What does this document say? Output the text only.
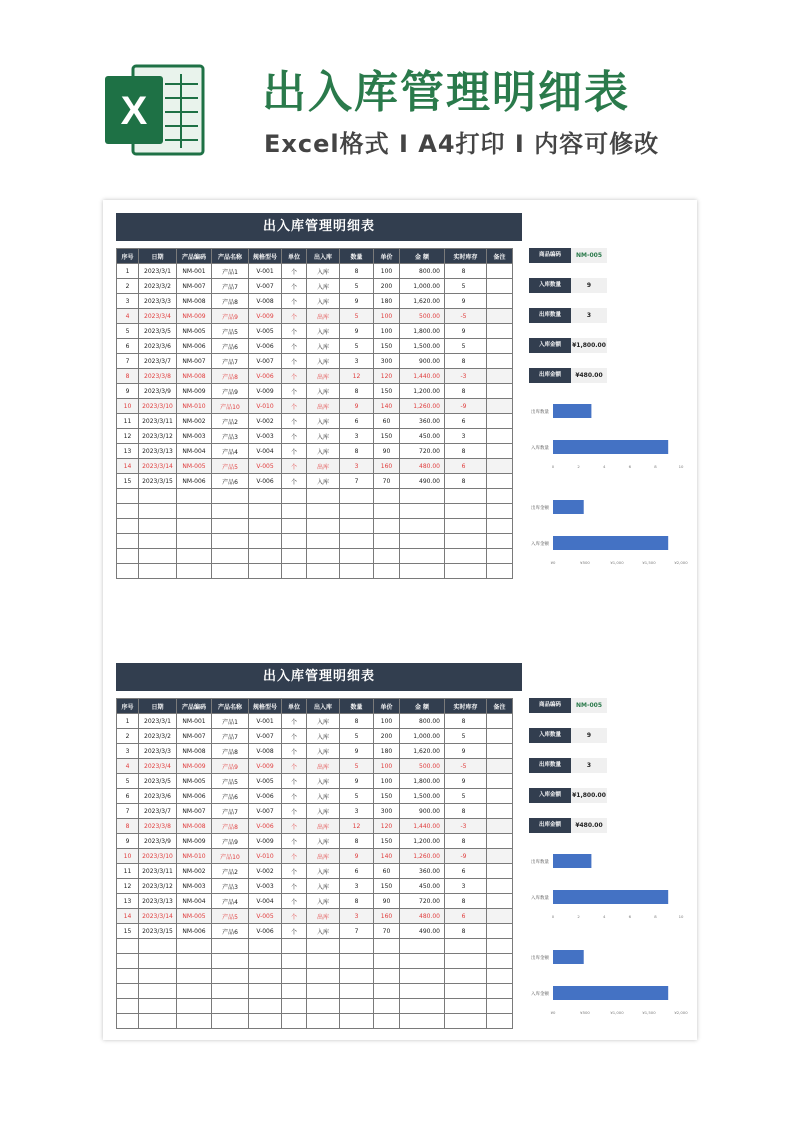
X	出入库管理明细表
Excel格式 I A4打印 I 内容可修改
出入库管理明细表
序号	日期	产品编码	产品名称	规格型号	单位	出入库	数量	单价	金 额	实时库存	备注
1	2023/3/1	NM-001	产品1	V-001	个	入库	8	100	800.00	8	
2	2023/3/2	NM-007	产品7	V-007	个	入库	5	200	1,000.00	5	
3	2023/3/3	NM-008	产品8	V-008	个	入库	9	180	1,620.00	9	
4	2023/3/4	NM-009	产品9	V-009	个	出库	5	100	500.00	-5	
5	2023/3/5	NM-005	产品5	V-005	个	入库	9	100	1,800.00	9	
6	2023/3/6	NM-006	产品6	V-006	个	入库	5	150	1,500.00	5	
7	2023/3/7	NM-007	产品7	V-007	个	入库	3	300	900.00	8	
8	2023/3/8	NM-008	产品8	V-006	个	出库	12	120	1,440.00	-3	
9	2023/3/9	NM-009	产品9	V-009	个	入库	8	150	1,200.00	8	
10	2023/3/10	NM-010	产品10	V-010	个	出库	9	140	1,260.00	-9	
11	2023/3/11	NM-002	产品2	V-002	个	入库	6	60	360.00	6	
12	2023/3/12	NM-003	产品3	V-003	个	入库	3	150	450.00	3	
13	2023/3/13	NM-004	产品4	V-004	个	入库	8	90	720.00	8	
14	2023/3/14	NM-005	产品5	V-005	个	出库	3	160	480.00	6	
15	2023/3/15	NM-006	产品6	V-006	个	入库	7	70	490.00	8	

商品编码	NM-005
入库数量	9
出库数量	3
入库金额	¥1,800.00
出库金额	¥480.00
出库数量
入库数量
0	2	4	6	8	10
出库金额
入库金额
¥0	¥500	¥1,000	¥1,500	¥2,000
出入库管理明细表
序号	日期	产品编码	产品名称	规格型号	单位	出入库	数量	单价	金 额	实时库存	备注
1	2023/3/1	NM-001	产品1	V-001	个	入库	8	100	800.00	8	
2	2023/3/2	NM-007	产品7	V-007	个	入库	5	200	1,000.00	5	
3	2023/3/3	NM-008	产品8	V-008	个	入库	9	180	1,620.00	9	
4	2023/3/4	NM-009	产品9	V-009	个	出库	5	100	500.00	-5	
5	2023/3/5	NM-005	产品5	V-005	个	入库	9	100	1,800.00	9	
6	2023/3/6	NM-006	产品6	V-006	个	入库	5	150	1,500.00	5	
7	2023/3/7	NM-007	产品7	V-007	个	入库	3	300	900.00	8	
8	2023/3/8	NM-008	产品8	V-006	个	出库	12	120	1,440.00	-3	
9	2023/3/9	NM-009	产品9	V-009	个	入库	8	150	1,200.00	8	
10	2023/3/10	NM-010	产品10	V-010	个	出库	9	140	1,260.00	-9	
11	2023/3/11	NM-002	产品2	V-002	个	入库	6	60	360.00	6	
12	2023/3/12	NM-003	产品3	V-003	个	入库	3	150	450.00	3	
13	2023/3/13	NM-004	产品4	V-004	个	入库	8	90	720.00	8	
14	2023/3/14	NM-005	产品5	V-005	个	出库	3	160	480.00	6	
15	2023/3/15	NM-006	产品6	V-006	个	入库	7	70	490.00	8	

商品编码	NM-005
入库数量	9
出库数量	3
入库金额	¥1,800.00
出库金额	¥480.00
出库数量
入库数量
0	2	4	6	8	10
出库金额
入库金额
¥0	¥500	¥1,000	¥1,500	¥2,000
